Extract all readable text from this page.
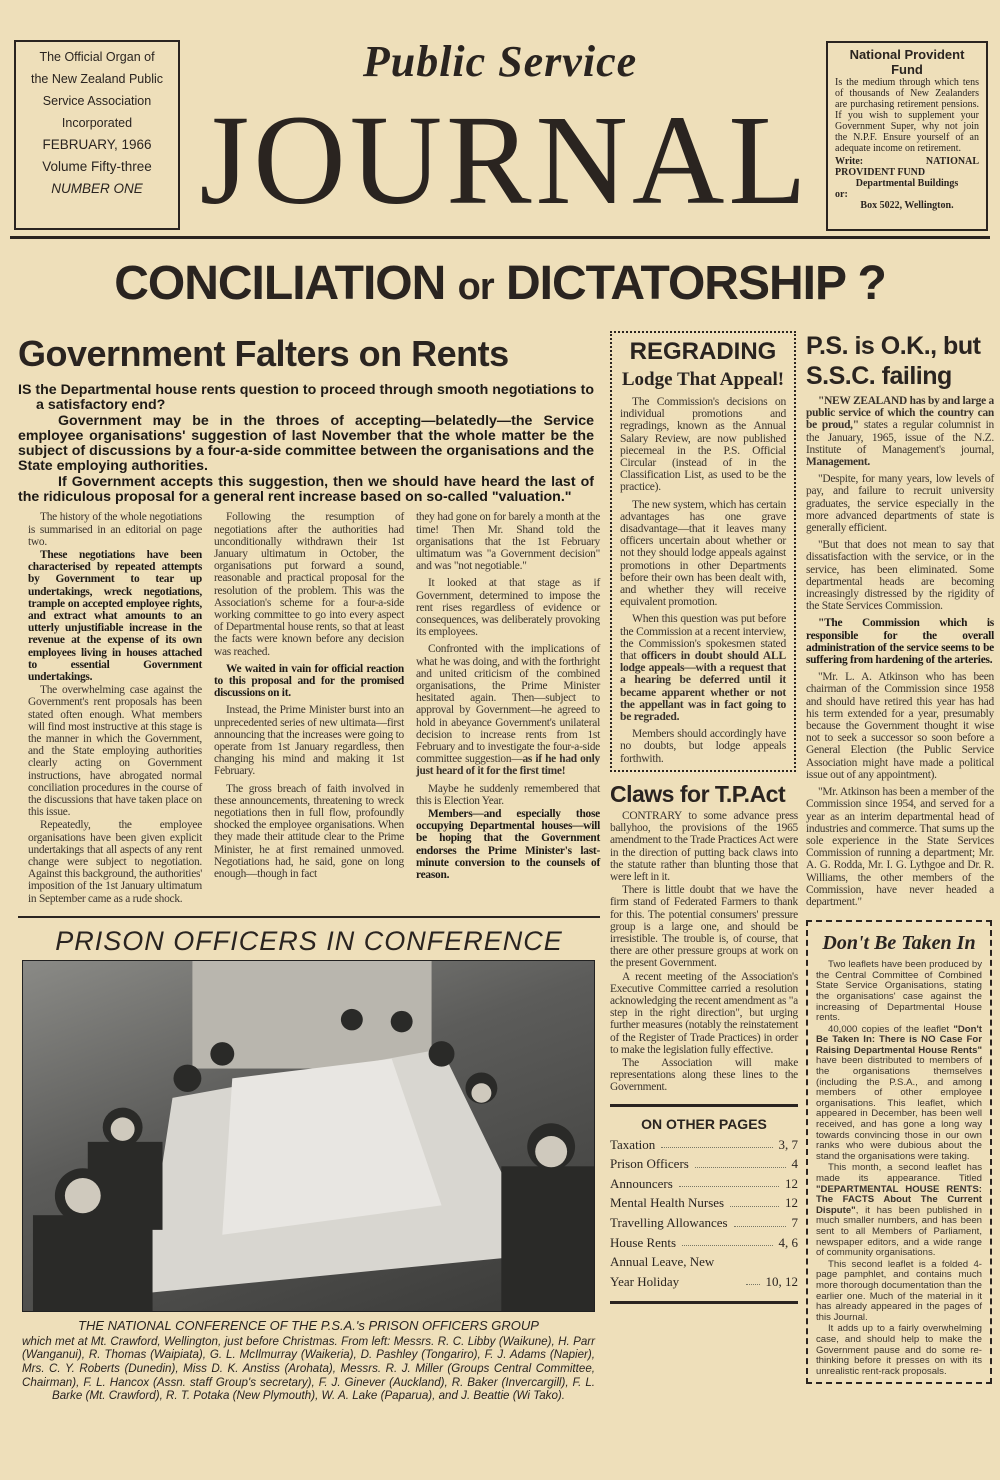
The Official Organ of
the New Zealand Public
Service Association
Incorporated
FEBRUARY, 1966
Volume Fifty-three
NUMBER ONE
Public Service
JOURNAL
National Provident Fund

Is the medium through which tens of thousands of New Zealanders are purchasing retirement pensions. If you wish to supplement your Government Super, why not join the N.P.F. Ensure yourself of an adequate income on retirement.

Write:	NATIONAL PROVIDENT FUND

Departmental Buildings

or:

Box 5022, Wellington.

CONCILIATION or DICTATORSHIP ?
Government Falters on Rents

IS the Departmental house rents question to proceed through smooth negotiations to a satisfactory end?

Government may be in the throes of accepting—belatedly—the Service employee organisations' suggestion of last November that the whole matter be the subject of discussions by a four-a-side committee between the organisations and the State employing authorities.

If Government accepts this suggestion, then we should have heard the last of the ridiculous proposal for a general rent increase based on so-called "valuation."

The history of the whole negotiations is summarised in an editorial on page two.

These negotiations have been characterised by repeated attempts by Government to tear up undertakings, wreck negotiations, trample on accepted employee rights, and extract what amounts to an utterly unjustifiable increase in the revenue at the expense of its own employees living in houses attached to essential Government undertakings.

The overwhelming case against the Government's rent proposals has been stated often enough. What members will find most instructive at this stage is the manner in which the Government, and the State employing authorities clearly acting on Government instructions, have abrogated normal conciliation procedures in the course of the discussions that have taken place on this issue.

Repeatedly, the employee organisations have been given explicit undertakings that all aspects of any rent change were subject to negotiation. Against this background, the authorities' imposition of the 1st January ultimatum in September came as a rude shock.

Following the resumption of negotiations after the authorities had unconditionally withdrawn their 1st January ultimatum in October, the organisations put forward a sound, reasonable and practical proposal for the resolution of the problem. This was the Association's scheme for a four-a-side working committee to go into every aspect of Departmental house rents, so that at least the facts were known before any decision was reached.

We waited in vain for official reaction to this proposal and for the promised discussions on it.

Instead, the Prime Minister burst into an unprecedented series of new ultimata—first announcing that the increases were going to operate from 1st January regardless, then changing his mind and making it 1st February.

The gross breach of faith involved in these announcements, threatening to wreck negotiations then in full flow, profoundly shocked the employee organisations. When they made their attitude clear to the Prime Minister, he at first remained unmoved. Negotiations had, he said, gone on long enough—though in fact

they had gone on for barely a month at the time! Then Mr. Shand told the organisations that the 1st February ultimatum was "a Government decision" and was "not negotiable."

It looked at that stage as if Government, determined to impose the rent rises regardless of evidence or consequences, was deliberately provoking its employees.

Confronted with the implications of what he was doing, and with the forthright and united criticism of the combined organisations, the Prime Minister hesitated again. Then—subject to approval by Government—he agreed to hold in abeyance Government's unilateral decision to increase rents from 1st February and to investigate the four-a-side committee suggestion—as if he had only just heard of it for the first time!

Maybe he suddenly remembered that this is Election Year.

Members—and especially those occupying Departmental houses—will be hoping that the Government endorses the Prime Minister's last-minute conversion to the counsels of reason.

PRISON OFFICERS IN CONFERENCE
THE NATIONAL CONFERENCE OF THE P.S.A.'s PRISON OFFICERS GROUP
which met at Mt. Crawford, Wellington, just before Christmas. From left: Messrs. R. C. Libby (Waikune), H. Parr (Wanganui), R. Thomas (Waipiata), G. L. McIlmurray (Waikeria), D. Pashley (Tongariro), F. J. Adams (Napier), Mrs. C. Y. Roberts (Dunedin), Miss D. K. Anstiss (Arohata), Messrs. R. J. Miller (Groups Central Committee, Chairman), F. L. Hancox (Assn. staff Group's secretary), F. J. Ginever (Auckland), R. Baker (Invercargill), F. L. Barke (Mt. Crawford), R. T. Potaka (New Plymouth), W. A. Lake (Paparua), and J. Beattie (Wi Tako).
REGRADING
Lodge That Appeal!

The Commission's decisions on individual promotions and regradings, known as the Annual Salary Review, are now published piecemeal in the P.S. Official Circular (instead of in the Classification List, as used to be the practice).

The new system, which has certain advantages has one grave disadvantage—that it leaves many officers uncertain about whether or not they should lodge appeals against promotions in other Departments before their own has been dealt with, and whether they will receive equivalent promotion.

When this question was put before the Commission at a recent interview, the Commission's spokesmen stated that officers in doubt should ALL lodge appeals—with a request that a hearing be deferred until it became apparent whether or not the appellant was in fact going to be regraded.

Members should accordingly have no doubts, but lodge appeals forthwith.

Claws for T.P.Act

CONTRARY to some advance press ballyhoo, the provisions of the 1965 amendment to the Trade Practices Act were in the direction of putting back claws into the statute rather than blunting those that were left in it.

There is little doubt that we have the firm stand of Federated Farmers to thank for this. The potential consumers' pressure group is a large one, and should be irresistible. The trouble is, of course, that there are other pressure groups at work on the present Government.

A recent meeting of the Association's Executive Committee carried a resolution acknowledging the recent amendment as "a step in the right direction", but urging further measures (notably the reinstatement of the Register of Trade Practices) in order to make the legislation fully effective.

The Association will make representations along these lines to the Government.

ON OTHER PAGES
Taxation	3, 7
Prison Officers	4
Announcers	12
Mental Health Nurses	12
Travelling Allowances	7
House Rents	4, 6
Annual Leave, New Year Holiday	10, 12
P.S. is O.K., but S.S.C. failing

"NEW ZEALAND has by and large a public service of which the country can be proud," states a regular columnist in the January, 1965, issue of the N.Z. Institute of Management's journal, Management.

"Despite, for many years, low levels of pay, and failure to recruit university graduates, the service especially in the more advanced departments of state is generally efficient.

"But that does not mean to say that dissatisfaction with the service, or in the service, has been eliminated. Some departmental heads are becoming increasingly distressed by the rigidity of the State Services Commission.

"The Commission which is responsible for the overall administration of the service seems to be suffering from hardening of the arteries.

"Mr. L. A. Atkinson who has been chairman of the Commission since 1958 and should have retired this year has had his term extended for a year, presumably because the Government thought it wise not to seek a successor so soon before a General Election (the Public Service Association might have made a political issue out of any appointment).

"Mr. Atkinson has been a member of the Commission since 1954, and served for a year as an interim departmental head of industries and commerce. That sums up the sole experience in the State Services Commission of running a department; Mr. A. G. Rodda, Mr. I. G. Lythgoe and Dr. R. Williams, the other members of the Commission, have never headed a department."

Don't Be Taken In

Two leaflets have been produced by the Central Committee of Combined State Service Organisations, stating the organisations' case against the increasing of Departmental House rents.

40,000 copies of the leaflet "Don't Be Taken In: There is NO Case For Raising Departmental House Rents" have been distributed to members of the organisations themselves (including the P.S.A., and among members of other employee organisations. This leaflet, which appeared in December, has been well received, and has gone a long way towards convincing those in our own ranks who were dubious about the stand the organisations were taking.

This month, a second leaflet has made its appearance. Titled "DEPARTMENTAL HOUSE RENTS: The FACTS About The Current Dispute", it has been published in much smaller numbers, and has been sent to all Members of Parliament, newspaper editors, and a wide range of community organisations.

This second leaflet is a folded 4-page pamphlet, and contains much more thorough documentation than the earlier one. Much of the material in it has already appeared in the pages of this Journal.

It adds up to a fairly overwhelming case, and should help to make the Government pause and do some re-thinking before it presses on with its unrealistic rent-rack proposals.
